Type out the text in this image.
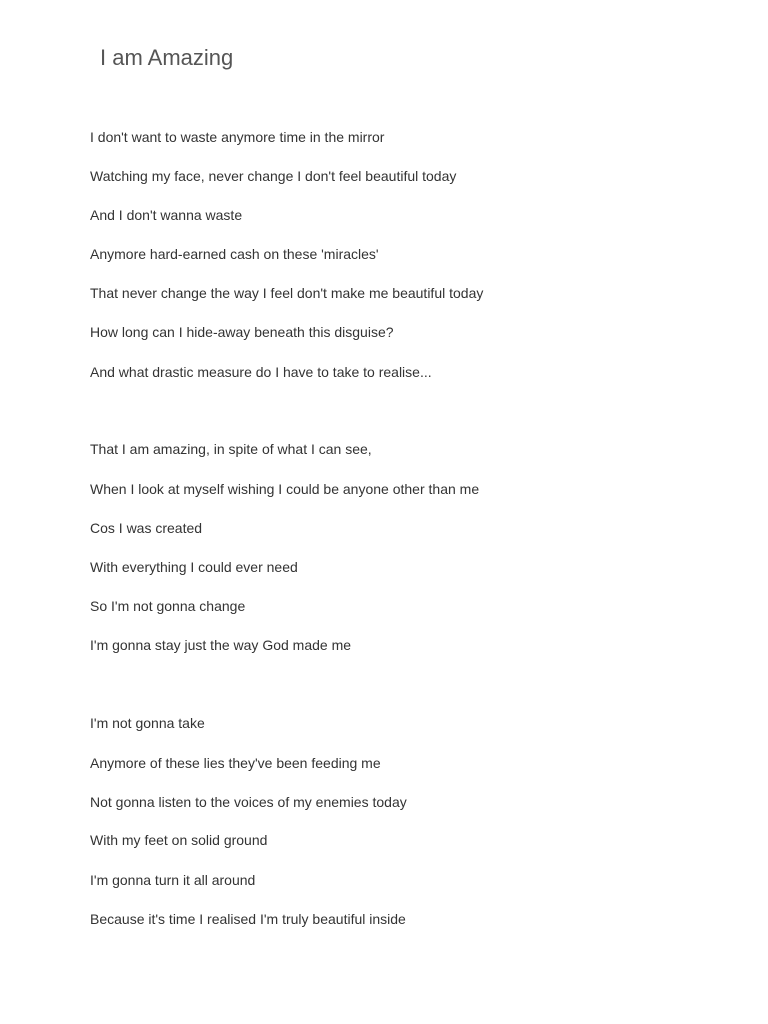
I am Amazing

I don't want to waste anymore time in the mirror

Watching my face, never change I don't feel beautiful today

And I don't wanna waste

Anymore hard-earned cash on these 'miracles'

That never change the way I feel don't make me beautiful today

How long can I hide-away beneath this disguise?

And what drastic measure do I have to take to realise...

That I am amazing, in spite of what I can see,

When I look at myself wishing I could be anyone other than me

Cos I was created

With everything I could ever need

So I'm not gonna change

I'm gonna stay just the way God made me

I'm not gonna take

Anymore of these lies they've been feeding me

Not gonna listen to the voices of my enemies today

With my feet on solid ground

I'm gonna turn it all around

Because it's time I realised I'm truly beautiful inside
